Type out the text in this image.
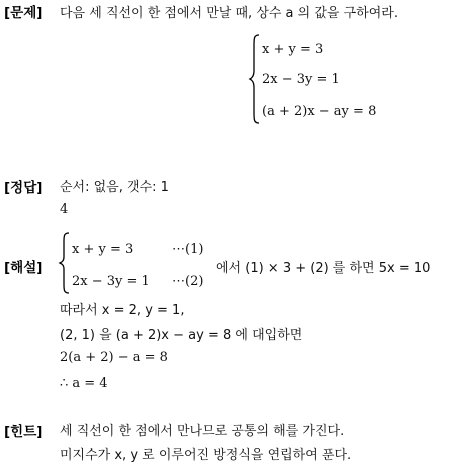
[문제] 다음 세 직선이 한 점에서 만날 때, 상수 a 의 값을 구하여라.
x + y = 3
2x − 3y = 1
(a + 2)x − ay = 8
[정답] 순서: 없음, 갯수: 1
4
[해설]
x + y = 3	⋯(1)
2x − 3y = 1 ⋯(2)
에서 (1) × 3 + (2) 를 하면 5x = 10
따라서 x = 2, y = 1,
(2, 1) 을 (a + 2)x − ay = 8 에 대입하면
2(a + 2) − a = 8
∴ a = 4
[힌트] 세 직선이 한 점에서 만나므로 공통의 해를 가진다.
미지수가 x, y 로 이루어진 방정식을 연립하여 푼다.
